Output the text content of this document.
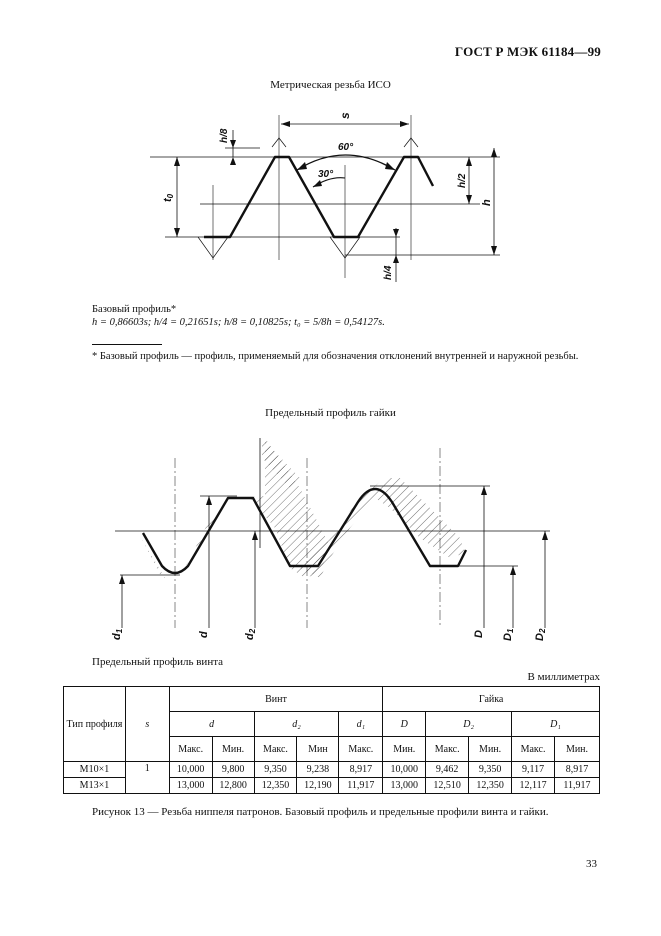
ГОСТ Р МЭК 61184—99
Метрическая резьба ИСО
s
60°
30°
h/8
t0
h/2
h
h/4
Базовый профиль*
h = 0,86603s; h/4 = 0,21651s; h/8 = 0,10825s; t₀ = 5/8h = 0,54127s.
* Базовый профиль — профиль, применяемый для обозначения отклонений внутренней и наружной резьбы.
Предельный профиль гайки
d1
d	d2	D D1
D2
Предельный профиль винта
В миллиметрах
Тип профиля	s	Винт					Гайка				
		d		d₂		d₁	D	D₂		D₁	
		Макс.	Мин.	Макс.	Мин	Макс.	Мин.	Макс.	Мин.	Макс.	Мин.
M10×1	1	10,000	9,800	9,350	9,238	8,917	10,000	9,462	9,350	9,117	8,917
M13×1		13,000	12,800	12,350	12,190	11,917	13,000	12,510	12,350	12,117	11,917
Рисунок 13 — Резьба ниппеля патронов. Базовый профиль и предельные профили винта и гайки.
33
